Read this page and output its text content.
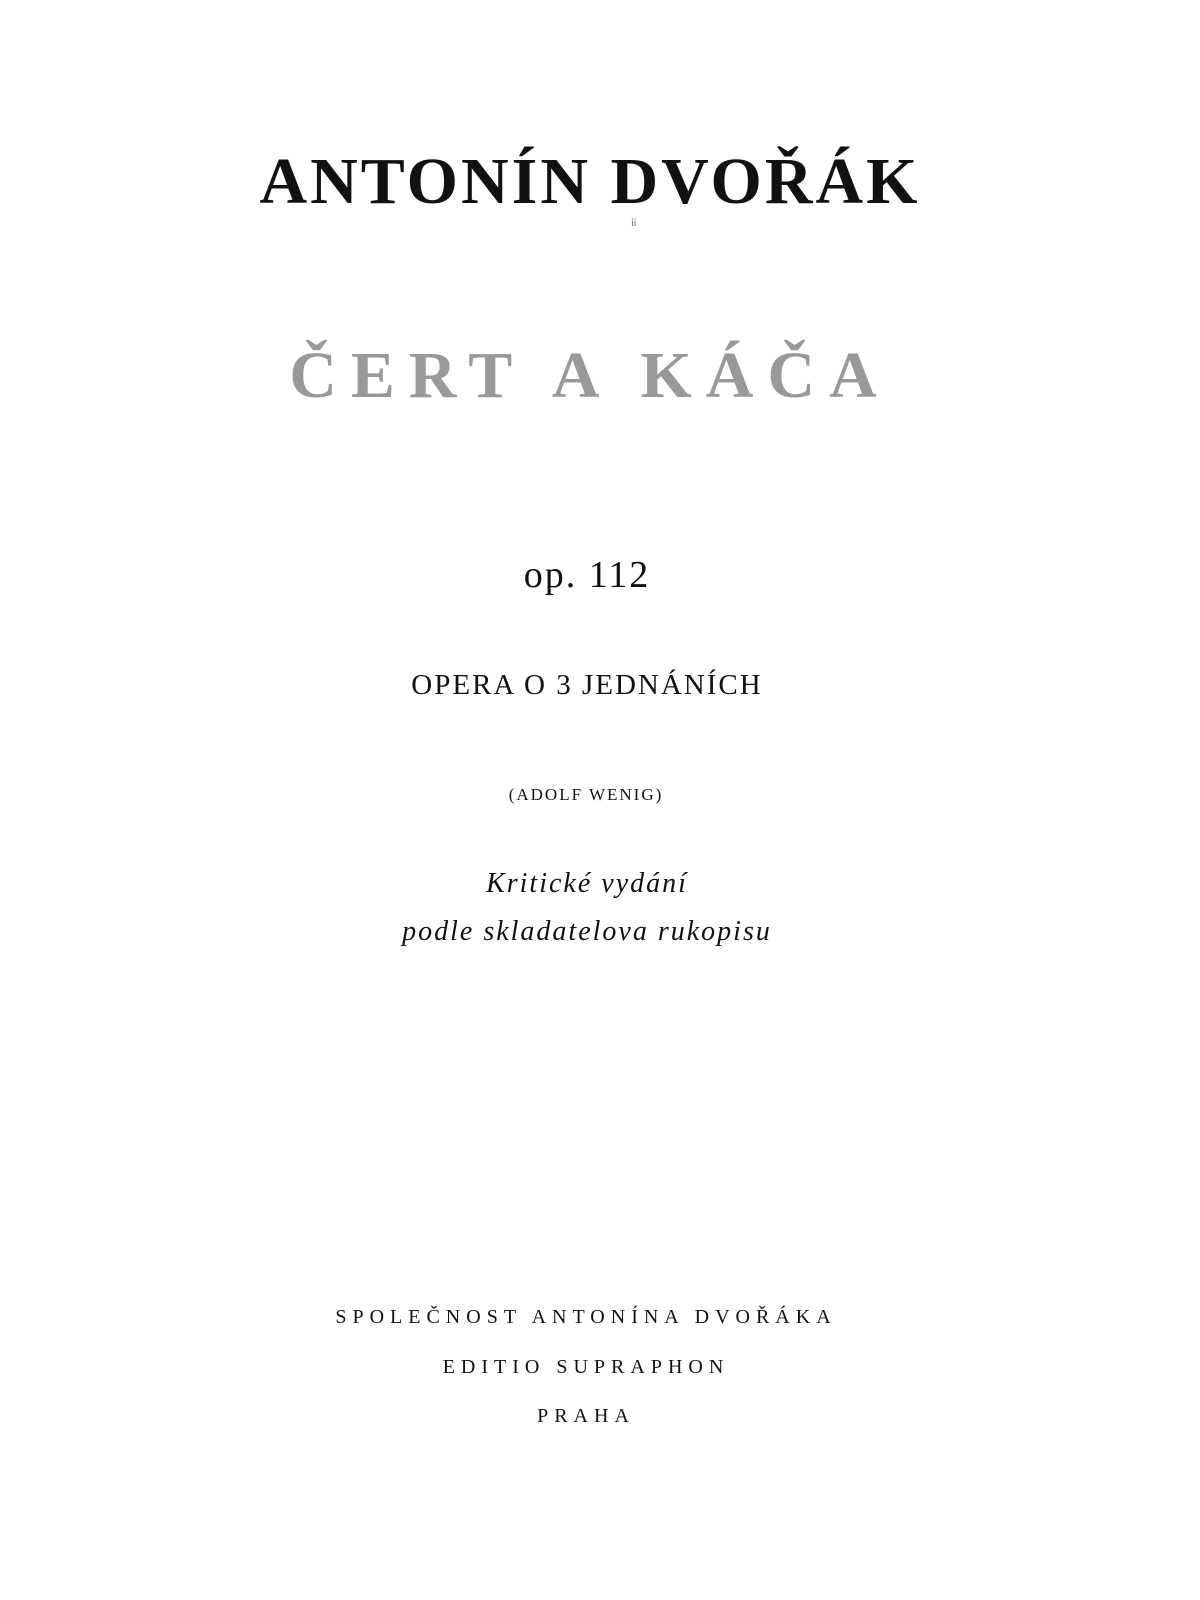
ANTONÍN DVOŘÁK
ii
ČERT A KÁČA

op. 112

OPERA O 3 JEDNÁNÍCH

(ADOLF WENIG)

Kritické vydání

podle skladatelova rukopisu

SPOLEČNOST ANTONÍNA DVOŘÁKA

EDITIO SUPRAPHON

PRAHA
